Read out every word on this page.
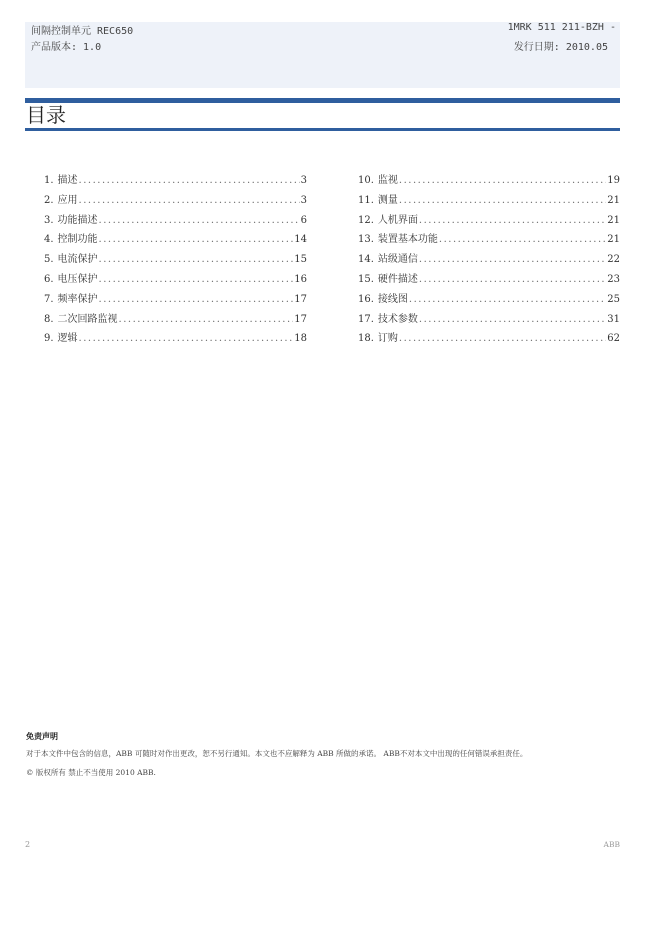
间隔控制单元 REC650
产品版本: 1.0
1MRK 511 211-BZH -
发行日期: 2010.05
目录
1. 描述 .....	3
2. 应用 .....	3
3. 功能描述 .....	6
4. 控制功能 .....	14
5. 电流保护 .....	15
6. 电压保护 .....	16
7. 频率保护 .....	17
8. 二次回路监视 .....	17
9. 逻辑 .....	18
10. 监视 .....	19
11. 测量 .....	21
12. 人机界面 .....	21
13. 装置基本功能 .....	21
14. 站级通信 .....	22
15. 硬件描述 .....	23
16. 接线图 .....	25
17. 技术参数 .....	31
18. 订购 .....	62
免责声明
对于本文件中包含的信息，ABB 可随时对作出更改，恕不另行通知。本文也不应解释为 ABB 所做的承诺。 ABB不对本文中出现的任何错误承担责任。
© 版权所有 禁止不当使用 2010 ABB.
2	ABB
